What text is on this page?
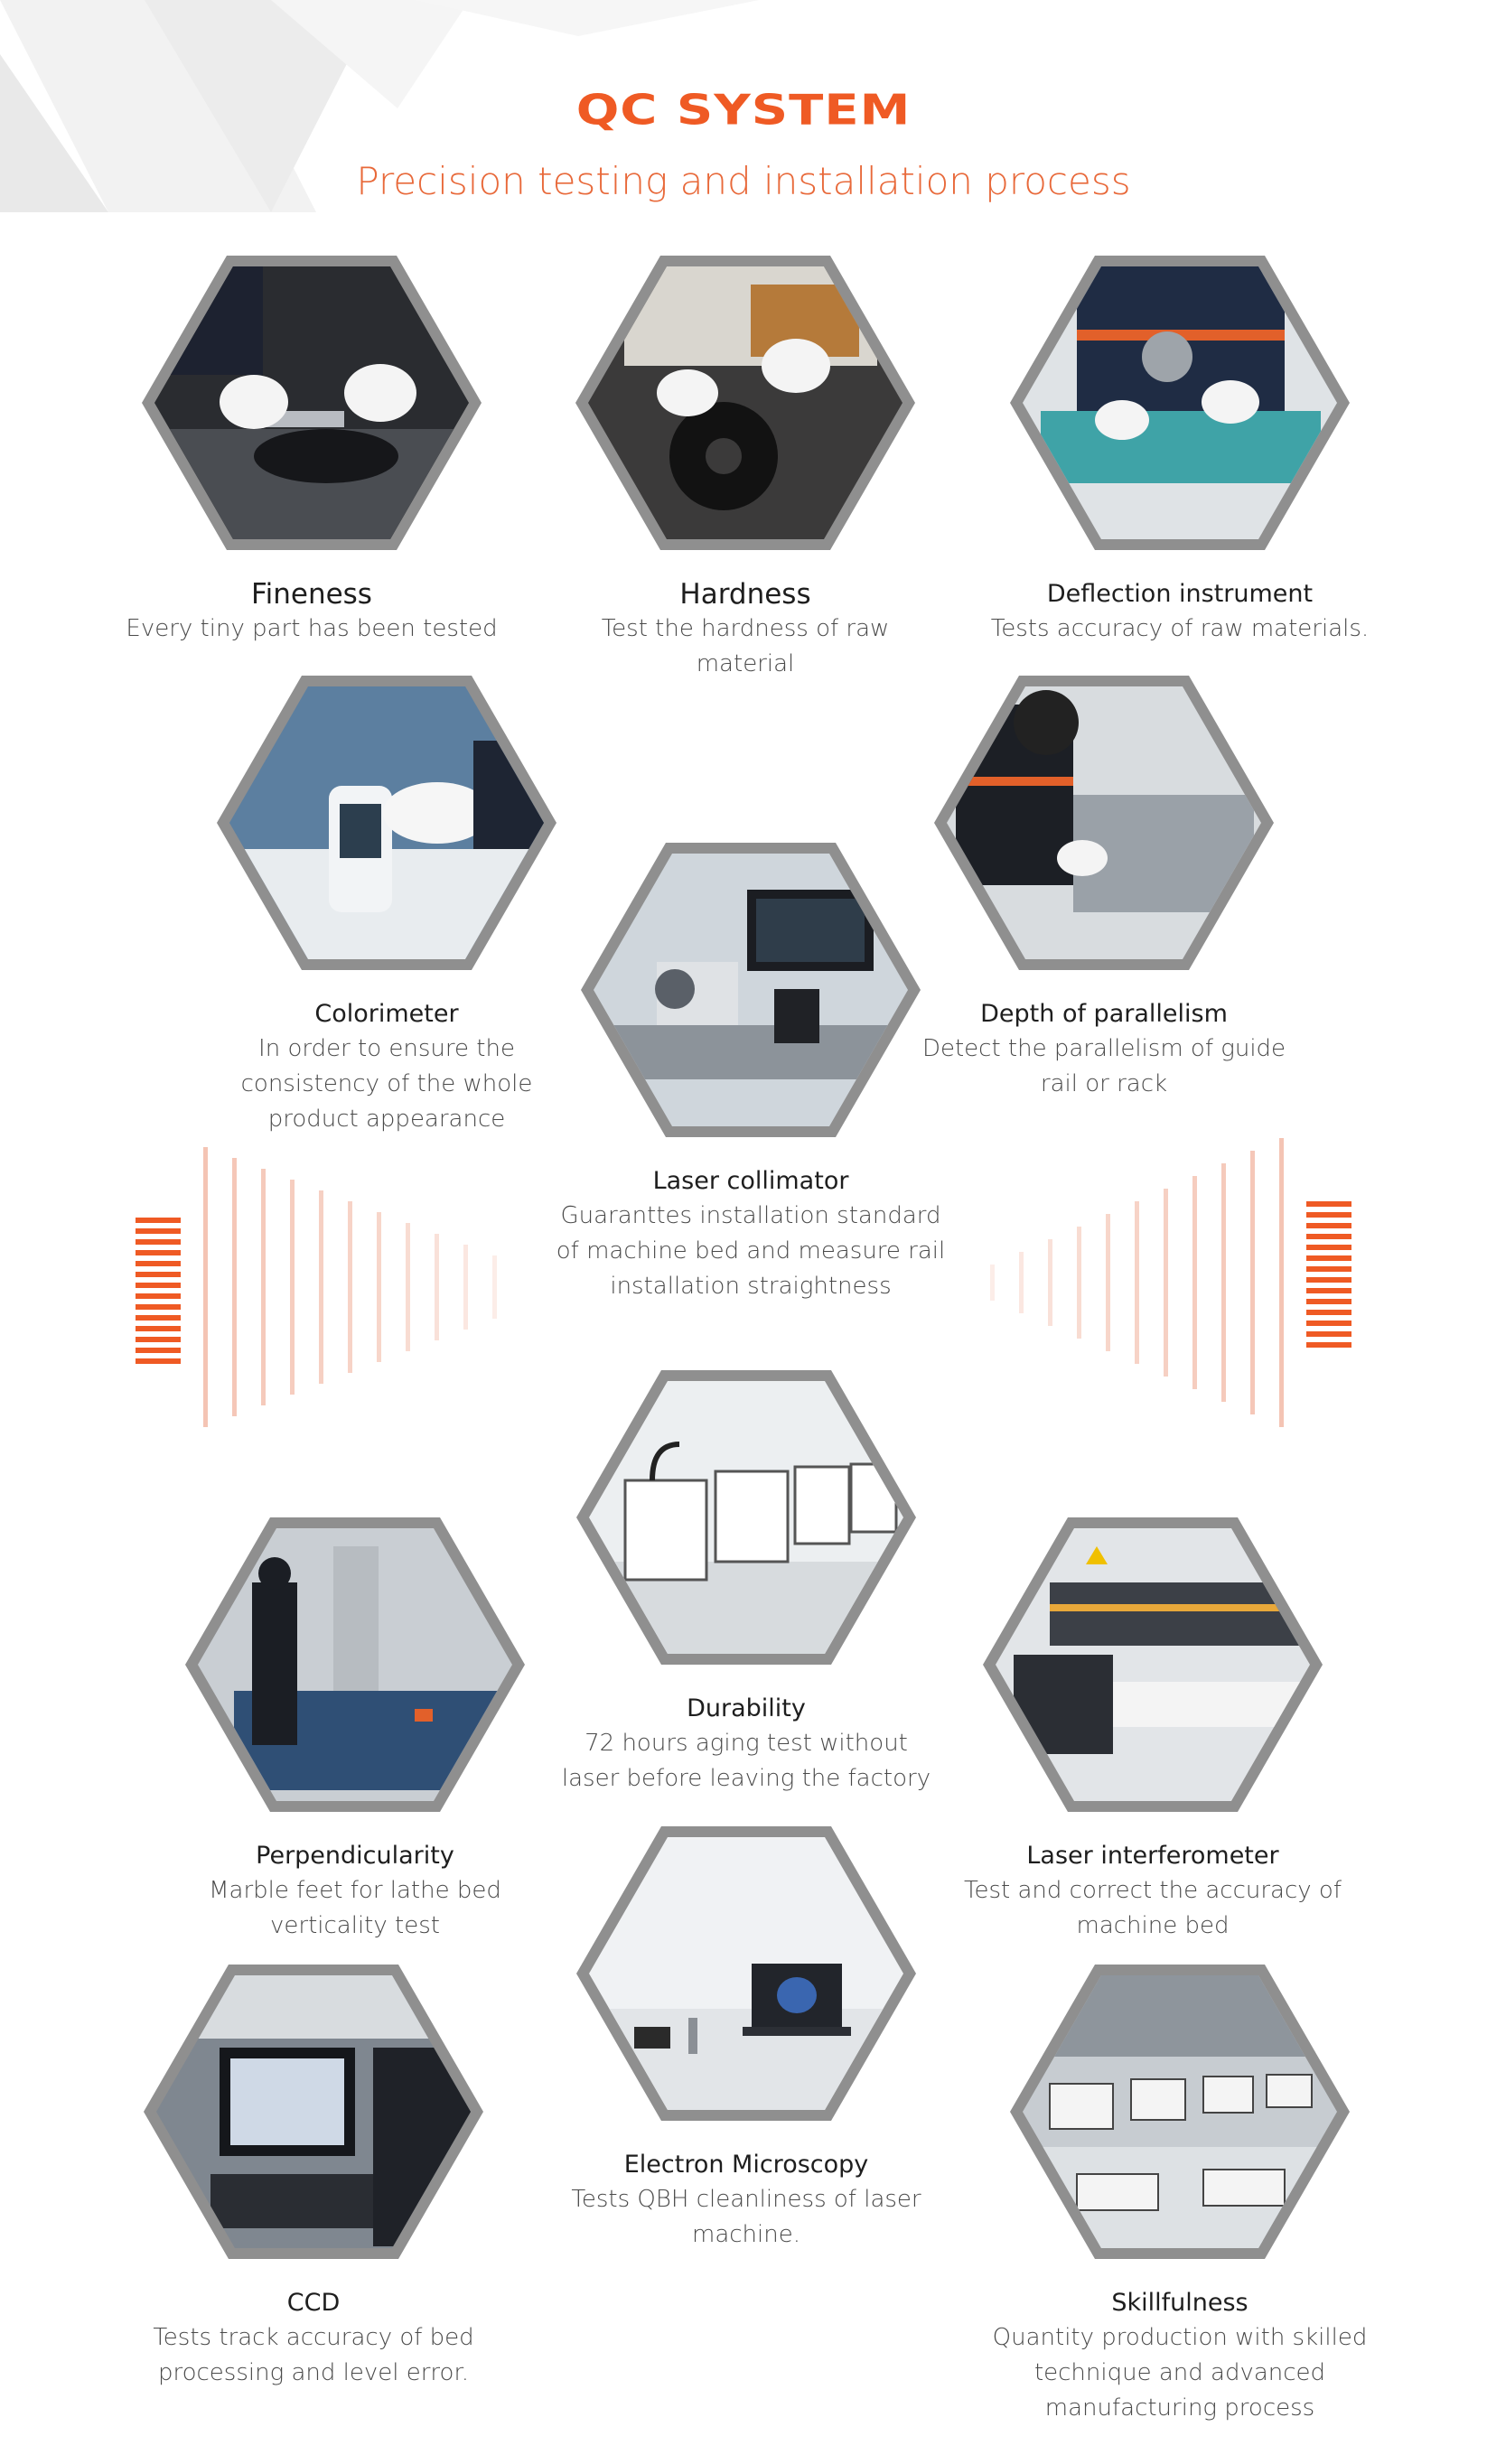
QC SYSTEM
Precision testing and installation process
Fineness
Every tiny part has been tested
Hardness
Test the hardness of raw
material
Deflection instrument
Tests accuracy of raw materials.
Colorimeter
In order to ensure the
consistency of the whole
product appearance
Laser collimator
Guaranttes installation standard
of machine bed and measure rail
installation straightness
Depth of parallelism
Detect the parallelism of guide
rail or rack
Durability
72 hours aging test without
laser before leaving the factory
Perpendicularity
Marble feet for lathe bed
verticality test
Laser interferometer
Test and correct the accuracy of
machine bed
Electron Microscopy
Tests QBH cleanliness of laser
machine.
CCD
Tests track accuracy of bed
processing and level error.
Skillfulness
Quantity production with skilled
technique and advanced
manufacturing process
